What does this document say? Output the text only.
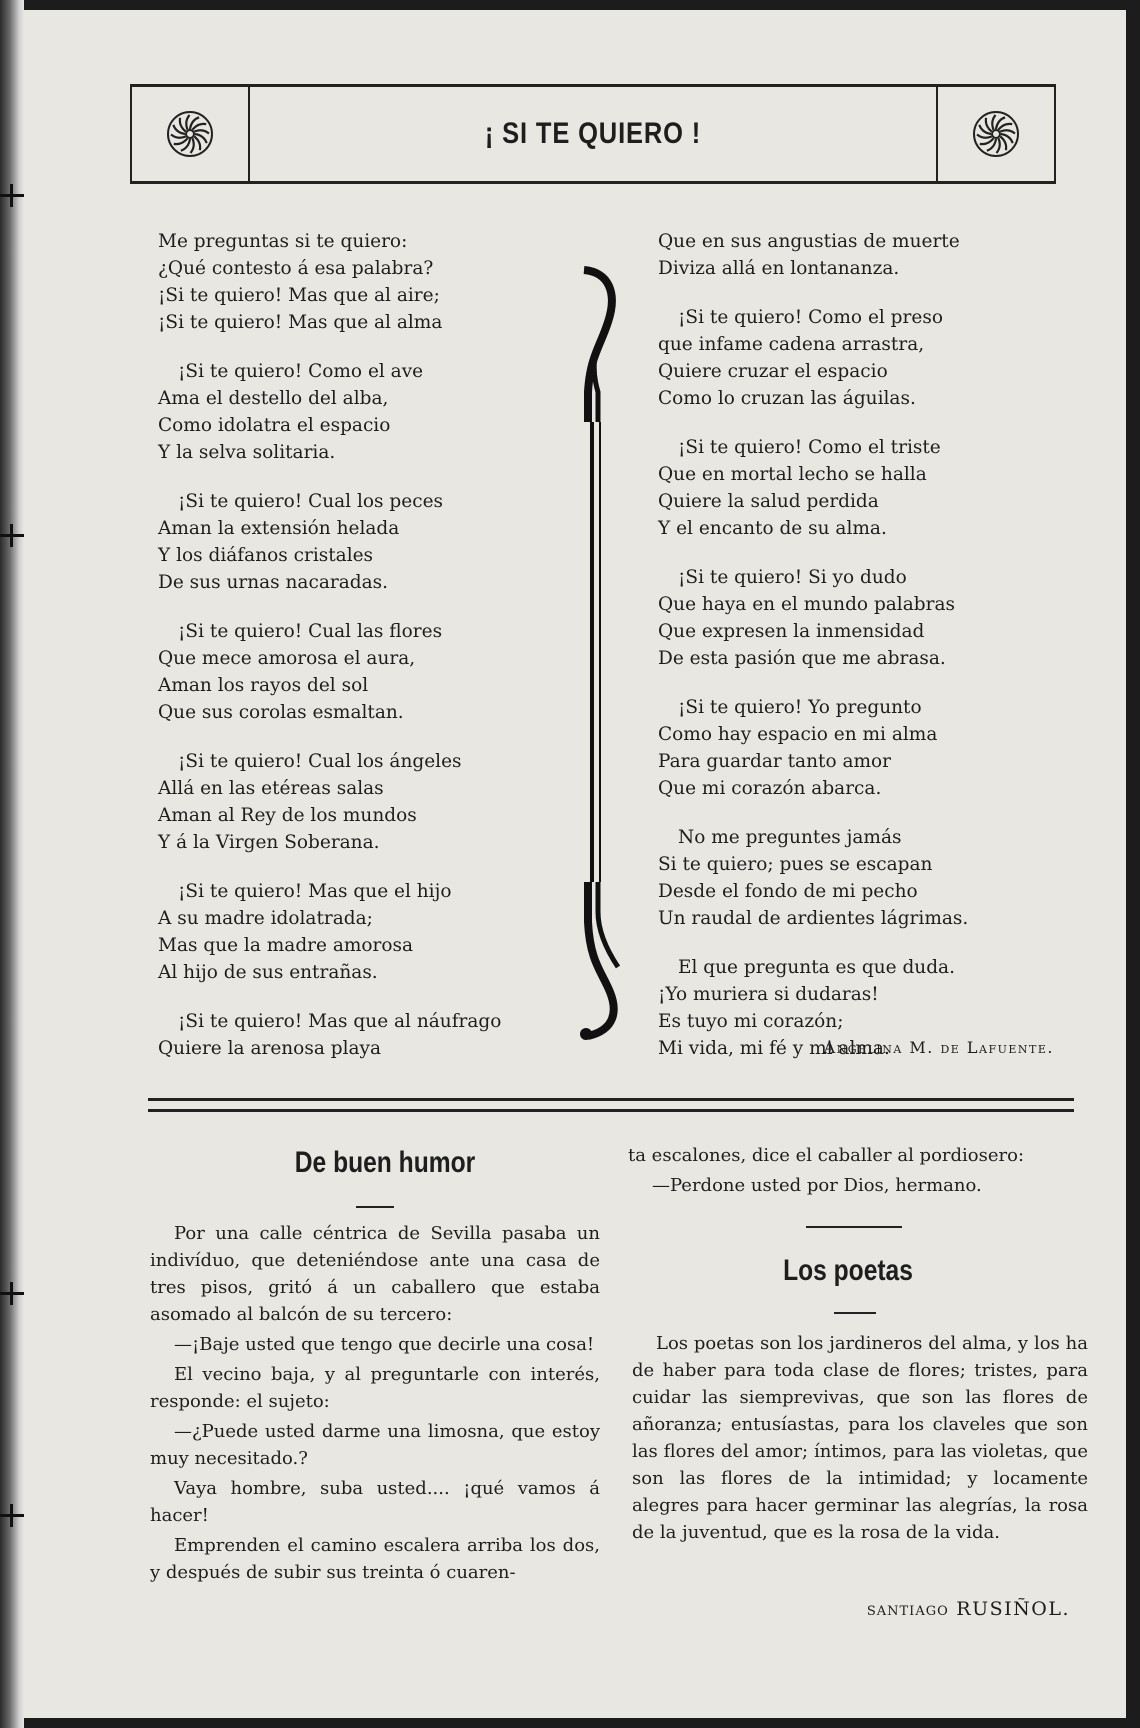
¡ SI TE QUIERO !
Me preguntas si te quiero:
¿Qué contesto á esa palabra?
¡Si te quiero! Mas que al aire;
¡Si te quiero! Mas que al alma
¡Si te quiero! Como el ave
Ama el destello del alba,
Como idolatra el espacio
Y la selva solitaria.
¡Si te quiero! Cual los peces
Aman la extensión helada
Y los diáfanos cristales
De sus urnas nacaradas.
¡Si te quiero! Cual las flores
Que mece amorosa el aura,
Aman los rayos del sol
Que sus corolas esmaltan.
¡Si te quiero! Cual los ángeles
Allá en las etéreas salas
Aman al Rey de los mundos
Y á la Virgen Soberana.
¡Si te quiero! Mas que el hijo
A su madre idolatrada;
Mas que la madre amorosa
Al hijo de sus entrañas.
¡Si te quiero! Mas que al náufrago
Quiere la arenosa playa
Que en sus angustias de muerte
Diviza allá en lontananza.
¡Si te quiero! Como el preso
que infame cadena arrastra,
Quiere cruzar el espacio
Como lo cruzan las águilas.
¡Si te quiero! Como el triste
Que en mortal lecho se halla
Quiere la salud perdida
Y el encanto de su alma.
¡Si te quiero! Si yo dudo
Que haya en el mundo palabras
Que expresen la inmensidad
De esta pasión que me abrasa.
¡Si te quiero! Yo pregunto
Como hay espacio en mi alma
Para guardar tanto amor
Que mi corazón abarca.
No me preguntes jamás
Si te quiero; pues se escapan
Desde el fondo de mi pecho
Un raudal de ardientes lágrimas.
El que pregunta es que duda.
¡Yo muriera si dudaras!
Es tuyo mi corazón;
Mi vida, mi fé y mi alma.
Angelina M. de Lafuente.
De buen humor

Por una calle céntrica de Sevilla pasaba un indivíduo, que deteniéndose ante una casa de tres pisos, gritó á un caballero que estaba asomado al balcón de su tercero:

—¡Baje usted que tengo que decirle una cosa!

El vecino baja, y al preguntarle con interés, responde: el sujeto:

—¿Puede usted darme una limosna, que estoy muy necesitado.?

Vaya hombre, suba usted.... ¡qué vamos á hacer!

Emprenden el camino escalera arriba los dos, y después de subir sus treinta ó cuaren-

ta escalones, dice el caballer al pordiosero:

—Perdone usted por Dios, hermano.

Los poetas

Los poetas son los jardineros del alma, y los ha de haber para toda clase de flores; tristes, para cuidar las siemprevivas, que son las flores de añoranza; entusíastas, para los claveles que son las flores del amor; íntimos, para las violetas, que son las flores de la intimidad; y locamente alegres para hacer germinar las alegrías, la rosa de la juventud, que es la rosa de la vida.

SANTIAGO RUSIÑOL.
